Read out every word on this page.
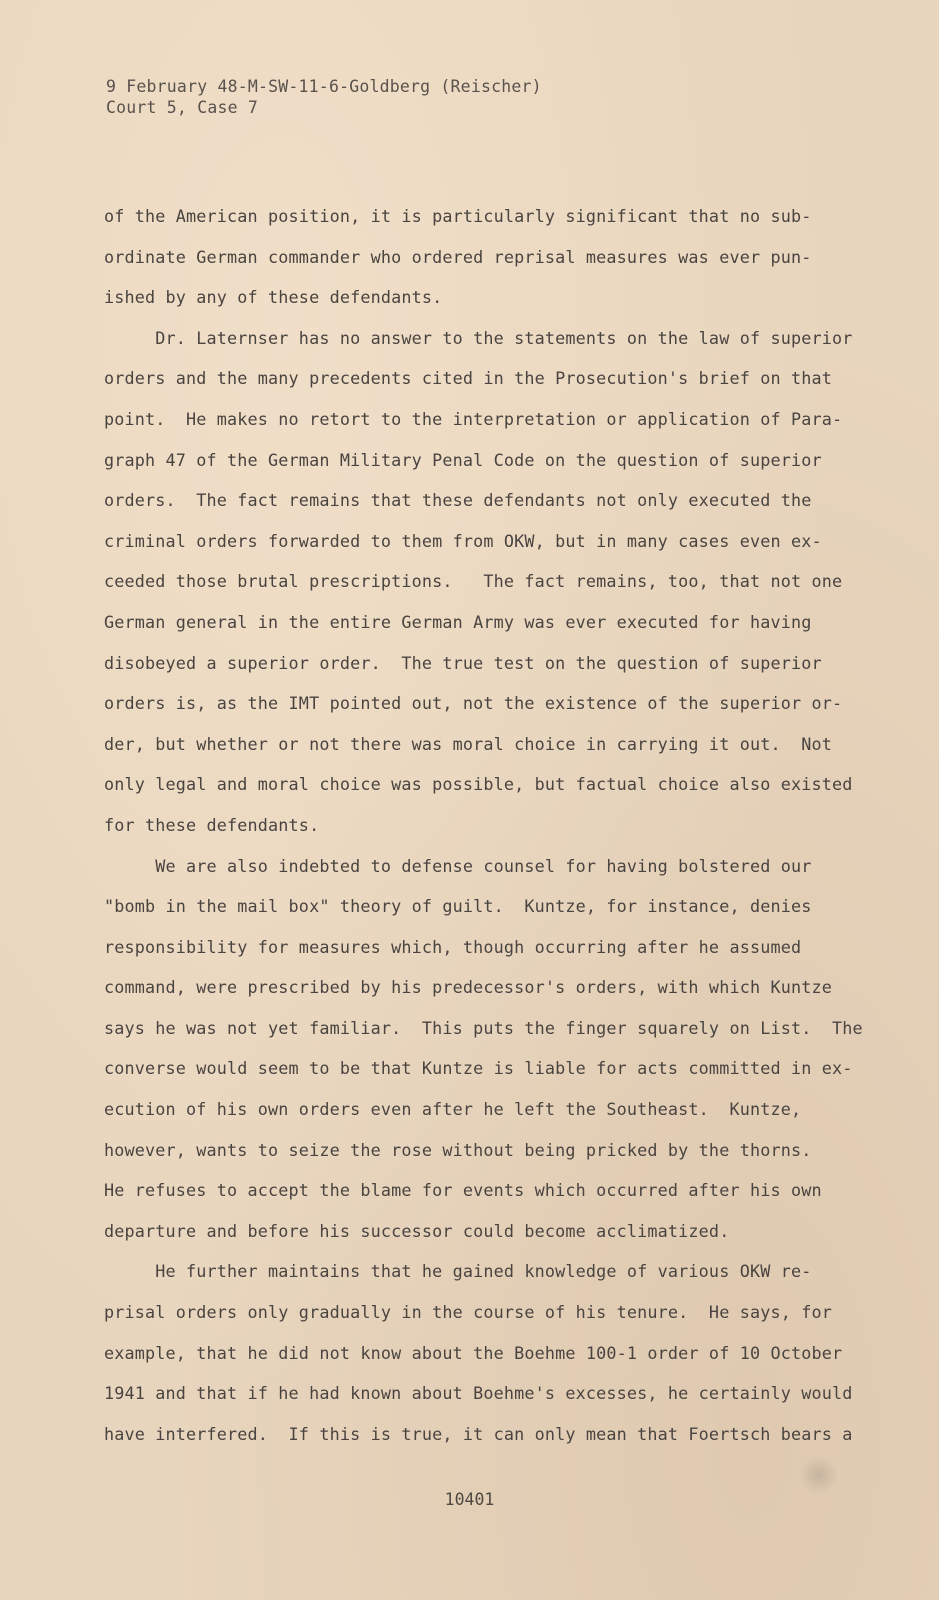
9 February 48-M-SW-11-6-Goldberg (Reischer)
Court 5, Case 7
of the American position, it is particularly significant that no sub-
ordinate German commander who ordered reprisal measures was ever pun-
ished by any of these defendants.
Dr. Laternser has no answer to the statements on the law of superior
orders and the many precedents cited in the Prosecution's brief on that
point.  He makes no retort to the interpretation or application of Para-
graph 47 of the German Military Penal Code on the question of superior
orders.  The fact remains that these defendants not only executed the
criminal orders forwarded to them from OKW, but in many cases even ex-
ceeded those brutal prescriptions.   The fact remains, too, that not one
German general in the entire German Army was ever executed for having
disobeyed a superior order.  The true test on the question of superior
orders is, as the IMT pointed out, not the existence of the superior or-
der, but whether or not there was moral choice in carrying it out.  Not
only legal and moral choice was possible, but factual choice also existed
for these defendants.
We are also indebted to defense counsel for having bolstered our
"bomb in the mail box" theory of guilt.  Kuntze, for instance, denies
responsibility for measures which, though occurring after he assumed
command, were prescribed by his predecessor's orders, with which Kuntze
says he was not yet familiar.  This puts the finger squarely on List.  The
converse would seem to be that Kuntze is liable for acts committed in ex-
ecution of his own orders even after he left the Southeast.  Kuntze,
however, wants to seize the rose without being pricked by the thorns.
He refuses to accept the blame for events which occurred after his own
departure and before his successor could become acclimatized.
He further maintains that he gained knowledge of various OKW re-
prisal orders only gradually in the course of his tenure.  He says, for
example, that he did not know about the Boehme 100-1 order of 10 October
1941 and that if he had known about Boehme's excesses, he certainly would
have interfered.  If this is true, it can only mean that Foertsch bears a
10401
